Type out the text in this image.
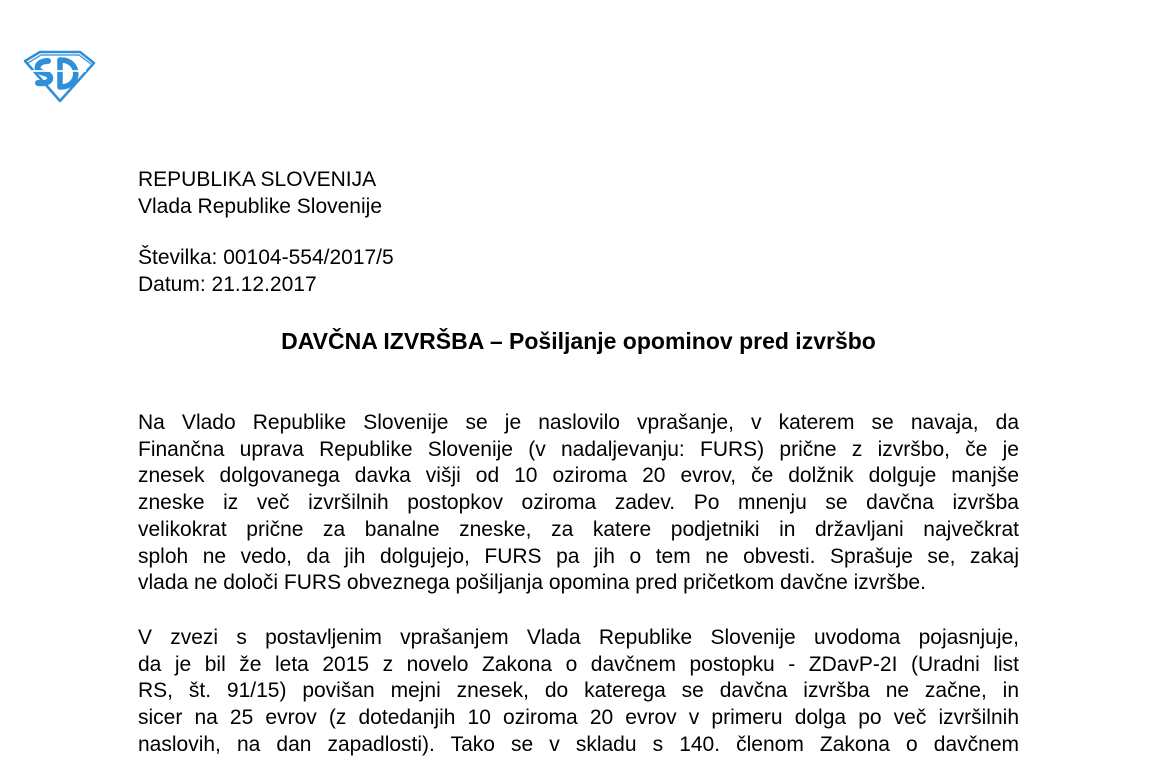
REPUBLIKA SLOVENIJA
Vlada Republike Slovenije
Številka: 00104-554/2017/5
Datum: 21.12.2017
DAVČNA IZVRŠBA – Pošiljanje opominov pred izvršbo

Na Vlado Republike Slovenije se je naslovilo vprašanje, v katerem se navaja, da
Finančna uprava Republike Slovenije (v nadaljevanju: FURS) prične z izvršbo, če je
znesek dolgovanega davka višji od 10 oziroma 20 evrov, če dolžnik dolguje manjše
zneske iz več izvršilnih postopkov oziroma zadev. Po mnenju se davčna izvršba
velikokrat prične za banalne zneske, za katere podjetniki in državljani največkrat
sploh ne vedo, da jih dolgujejo, FURS pa jih o tem ne obvesti. Sprašuje se, zakaj
vlada ne določi FURS obveznega pošiljanja opomina pred pričetkom davčne izvršbe.

V zvezi s postavljenim vprašanjem Vlada Republike Slovenije uvodoma pojasnjuje,
da je bil že leta 2015 z novelo Zakona o davčnem postopku - ZDavP-2I (Uradni list
RS, št. 91/15) povišan mejni znesek, do katerega se davčna izvršba ne začne, in
sicer na 25 evrov (z dotedanjih 10 oziroma 20 evrov v primeru dolga po več izvršilnih
naslovih, na dan zapadlosti). Tako se v skladu s 140. členom Zakona o davčnem
